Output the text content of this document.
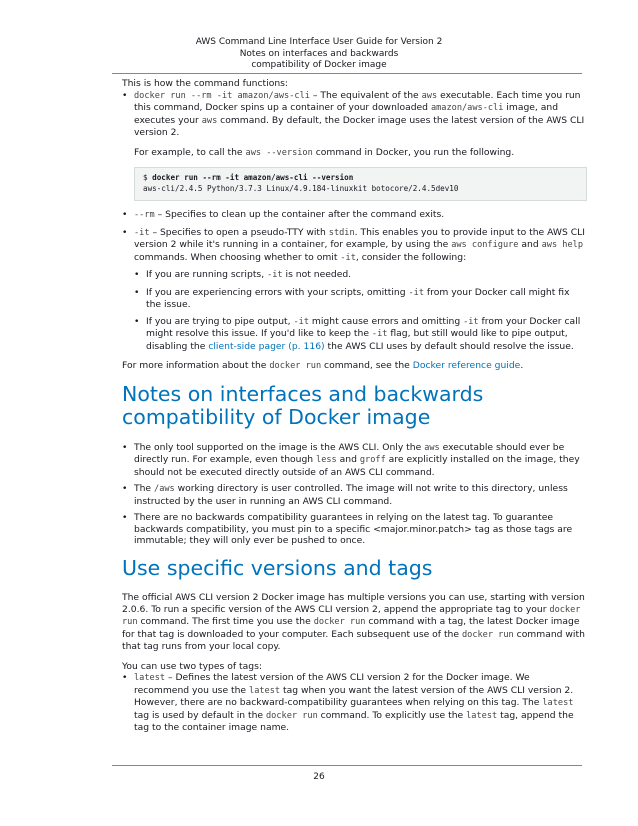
AWS Command Line Interface User Guide for Version 2
Notes on interfaces and backwards
compatibility of Docker image

This is how the command functions:

• docker run --rm -it amazon/aws-cli – The equivalent of the aws executable. Each time you run this command, Docker spins up a container of your downloaded amazon/aws-cli image, and executes your aws command. By default, the Docker image uses the latest version of the AWS CLI version 2.

For example, to call the aws --version command in Docker, you run the following.

$ docker run --rm -it amazon/aws-cli --version
aws-cli/2.4.5 Python/3.7.3 Linux/4.9.184-linuxkit botocore/2.4.5dev10
• --rm – Specifies to clean up the container after the command exits.

• -it – Specifies to open a pseudo-TTY with stdin. This enables you to provide input to the AWS CLI version 2 while it's running in a container, for example, by using the aws configure and aws help commands. When choosing whether to omit -it, consider the following:

• If you are running scripts, -it is not needed.
• If you are experiencing errors with your scripts, omitting -it from your Docker call might fix the issue.
• If you are trying to pipe output, -it might cause errors and omitting -it from your Docker call might resolve this issue. If you'd like to keep the -it flag, but still would like to pipe output, disabling the client-side pager (p. 116) the AWS CLI uses by default should resolve the issue.

For more information about the docker run command, see the Docker reference guide.

Notes on interfaces and backwards compatibility of Docker image
• The only tool supported on the image is the AWS CLI. Only the aws executable should ever be directly run. For example, even though less and groff are explicitly installed on the image, they should not be executed directly outside of an AWS CLI command.
• The /aws working directory is user controlled. The image will not write to this directory, unless instructed by the user in running an AWS CLI command.
• There are no backwards compatibility guarantees in relying on the latest tag. To guarantee backwards compatibility, you must pin to a specific <major.minor.patch> tag as those tags are immutable; they will only ever be pushed to once.
Use specific versions and tags

The official AWS CLI version 2 Docker image has multiple versions you can use, starting with version 2.0.6. To run a specific version of the AWS CLI version 2, append the appropriate tag to your docker run command. The first time you use the docker run command with a tag, the latest Docker image for that tag is downloaded to your computer. Each subsequent use of the docker run command with that tag runs from your local copy.

You can use two types of tags:

• latest – Defines the latest version of the AWS CLI version 2 for the Docker image. We recommend you use the latest tag when you want the latest version of the AWS CLI version 2. However, there are no backward-compatibility guarantees when relying on this tag. The latest tag is used by default in the docker run command. To explicitly use the latest tag, append the tag to the container image name.
26
